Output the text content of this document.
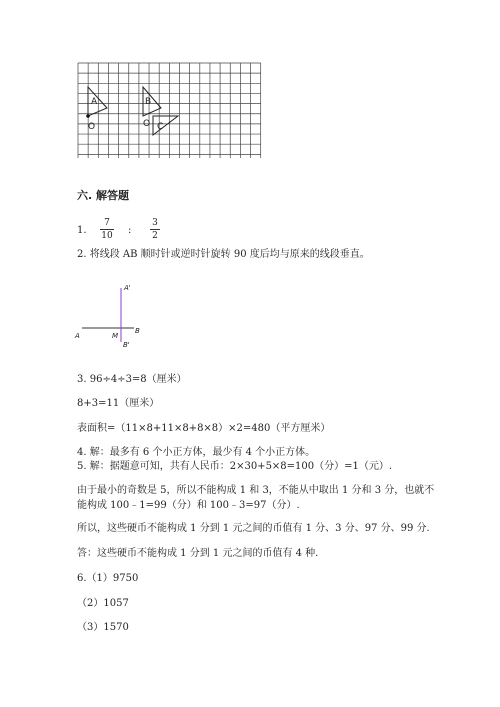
A	B
C
O	O
六. 解答题
1.
7
10 :
3
2
2. 将线段 AB 顺时针或逆时针旋转 90 度后均与原来的线段垂直。
A'
A	M
B
B'
3. 96÷4÷3=8（厘米）
8+3=11（厘米）
表面积=（11×8+11×8+8×8）×2=480（平方厘米）
4. 解：最多有 6 个小正方体，最少有 4 个小正方体。
5. 解：据题意可知，共有人民币：2×30+5×8=100（分）=1（元）.
由于最小的奇数是 5，所以不能构成 1 和 3，不能从中取出 1 分和 3 分，也就不
能构成 100﹣1=99（分）和 100﹣3=97（分）.
所以，这些硬币不能构成 1 分到 1 元之间的币值有 1 分、3 分、97 分、99 分.
答：这些硬币不能构成 1 分到 1 元之间的币值有 4 种.
6.（1）9750
（2）1057
（3）1570
